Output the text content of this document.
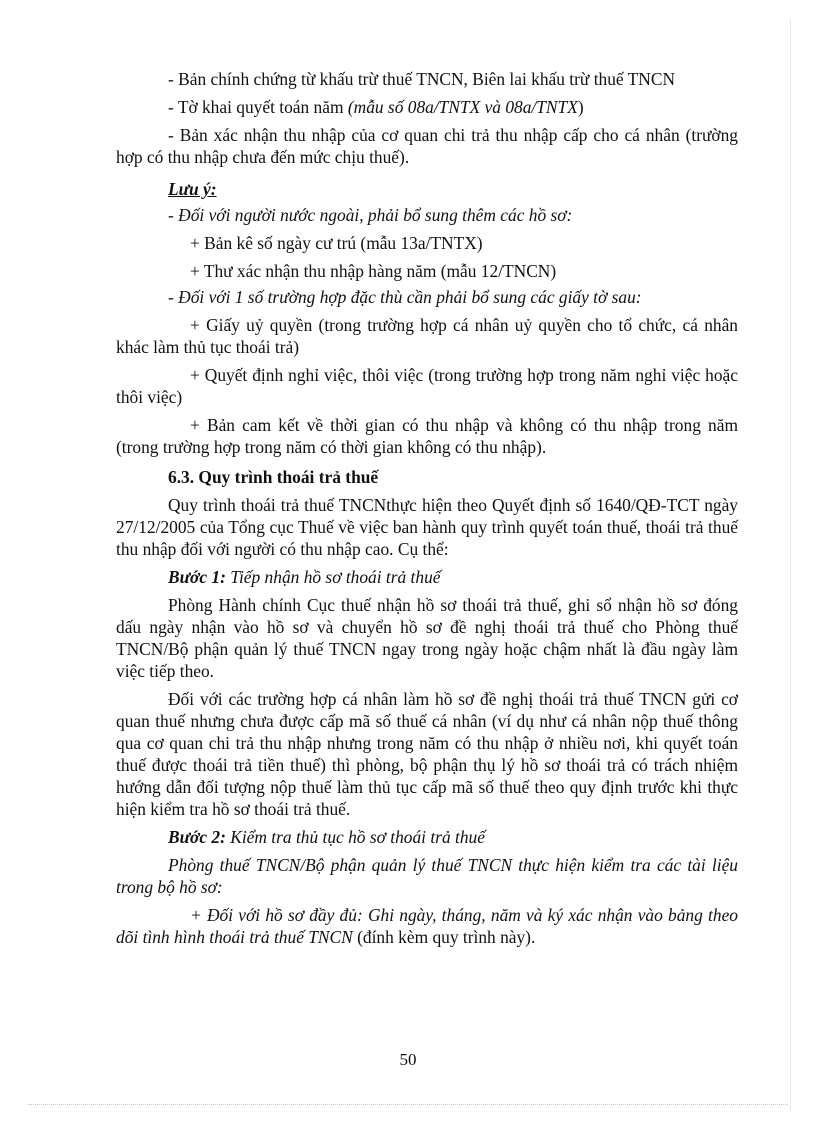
- Bản chính chứng từ khấu trừ thuế TNCN, Biên lai khấu trừ thuế TNCN

- Tờ khai quyết toán năm (mẫu số 08a/TNTX và 08a/TNTX)

- Bản xác nhận thu nhập của cơ quan chi trả thu nhập cấp cho cá nhân (trường hợp có thu nhập chưa đến mức chịu thuế).

Lưu ý:

- Đối với người nước ngoài, phải bổ sung thêm các hồ sơ:

+ Bản kê số ngày cư trú (mẫu 13a/TNTX)

+ Thư xác nhận thu nhập hàng năm (mẫu 12/TNCN)

- Đối với 1 số trường hợp đặc thù cần phải bổ sung các giấy tờ sau:

+ Giấy uỷ quyền (trong trường hợp cá nhân uỷ quyền cho tổ chức, cá nhân khác làm thủ tục thoái trả)

+ Quyết định nghỉ việc, thôi việc (trong trường hợp trong năm nghỉ việc hoặc thôi việc)

+ Bản cam kết về thời gian có thu nhập và không có thu nhập trong năm (trong trường hợp trong năm có thời gian không có thu nhập).

6.3. Quy trình thoái trả thuế

Quy trình thoái trả thuế TNCNthực hiện theo Quyết định số 1640/QĐ-TCT ngày 27/12/2005 của Tổng cục Thuế về việc ban hành quy trình quyết toán thuế, thoái trả thuế thu nhập đối với người có thu nhập cao. Cụ thể:

Bước 1: Tiếp nhận hồ sơ thoái trả thuế

Phòng Hành chính Cục thuế nhận hồ sơ thoái trả thuế, ghi sổ nhận hồ sơ đóng dấu ngày nhận vào hồ sơ và chuyển hồ sơ đề nghị thoái trả thuế cho Phòng thuế TNCN/Bộ phận quản lý thuế TNCN ngay trong ngày hoặc chậm nhất là đầu ngày làm việc tiếp theo.

Đối với các trường hợp cá nhân làm hồ sơ đề nghị thoái trả thuế TNCN gửi cơ quan thuế nhưng chưa được cấp mã số thuế cá nhân (ví dụ như cá nhân nộp thuế thông qua cơ quan chi trả thu nhập nhưng trong năm có thu nhập ở nhiều nơi, khi quyết toán thuế được thoái trả tiền thuế) thì phòng, bộ phận thụ lý hồ sơ thoái trả có trách nhiệm hướng dẫn đối tượng nộp thuế làm thủ tục cấp mã số thuế theo quy định trước khi thực hiện kiểm tra hồ sơ thoái trả thuế.

Bước 2: Kiểm tra thủ tục hồ sơ thoái trả thuế

Phòng thuế TNCN/Bộ phận quản lý thuế TNCN thực hiện kiểm tra các tài liệu trong bộ hồ sơ:

+ Đối với hồ sơ đầy đủ: Ghi ngày, tháng, năm và ký xác nhận vào bảng theo dõi tình hình thoái trả thuế TNCN (đính kèm quy trình này).

50
